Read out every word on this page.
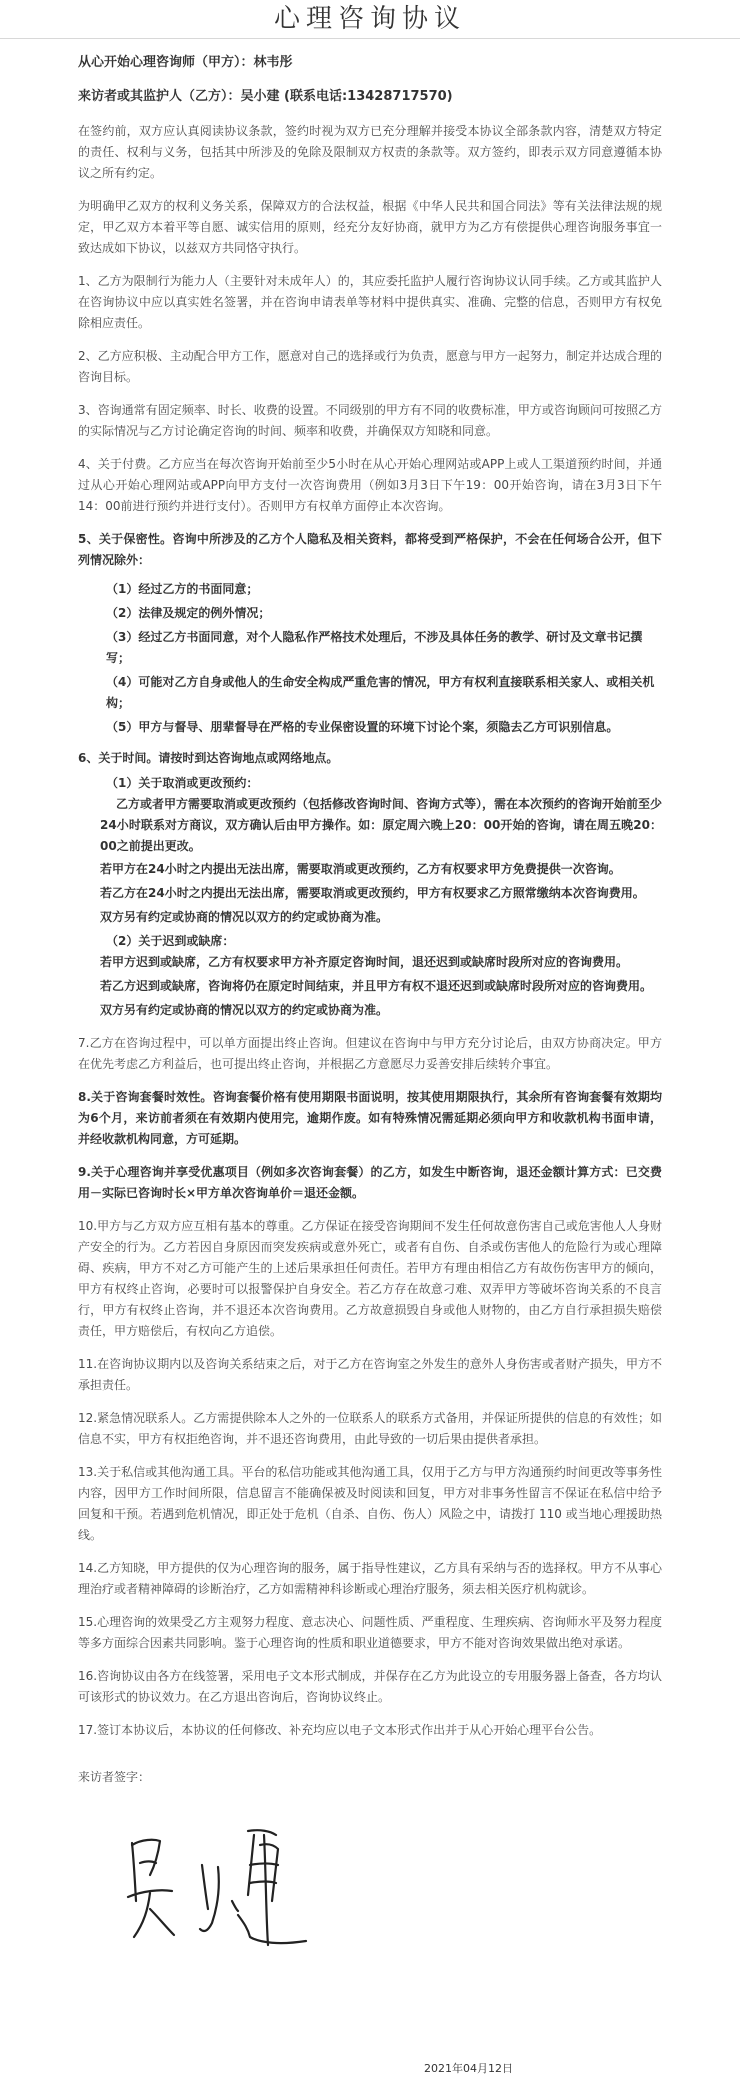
心理咨询协议
从心开始心理咨询师（甲方）：林韦彤
来访者或其监护人（乙方）：吴小建 (联系电话:13428717570)

在签约前，双方应认真阅读协议条款，签约时视为双方已充分理解并接受本协议全部条款内容，清楚双方特定的责任、权利与义务，包括其中所涉及的免除及限制双方权责的条款等。双方签约，即表示双方同意遵循本协议之所有约定。

为明确甲乙双方的权利义务关系，保障双方的合法权益，根据《中华人民共和国合同法》等有关法律法规的规定，甲乙双方本着平等自愿、诚实信用的原则，经充分友好协商，就甲方为乙方有偿提供心理咨询服务事宜一致达成如下协议，以兹双方共同恪守执行。

1、乙方为限制行为能力人（主要针对未成年人）的，其应委托监护人履行咨询协议认同手续。乙方或其监护人在咨询协议中应以真实姓名签署，并在咨询申请表单等材料中提供真实、准确、完整的信息，否则甲方有权免除相应责任。

2、乙方应积极、主动配合甲方工作，愿意对自己的选择或行为负责，愿意与甲方一起努力，制定并达成合理的咨询目标。

3、咨询通常有固定频率、时长、收费的设置。不同级别的甲方有不同的收费标准，甲方或咨询顾问可按照乙方的实际情况与乙方讨论确定咨询的时间、频率和收费，并确保双方知晓和同意。

4、关于付费。乙方应当在每次咨询开始前至少5小时在从心开始心理网站或APP上或人工渠道预约时间，并通过从心开始心理网站或APP向甲方支付一次咨询费用（例如3月3日下午19：00开始咨询，请在3月3日下午14：00前进行预约并进行支付）。否则甲方有权单方面停止本次咨询。

5、关于保密性。咨询中所涉及的乙方个人隐私及相关资料，都将受到严格保护，不会在任何场合公开，但下列情况除外：

（1）经过乙方的书面同意；
（2）法律及规定的例外情况；
（3）经过乙方书面同意，对个人隐私作严格技术处理后，不涉及具体任务的教学、研讨及文章书记撰写；
（4）可能对乙方自身或他人的生命安全构成严重危害的情况，甲方有权利直接联系相关家人、或相关机构；
（5）甲方与督导、朋辈督导在严格的专业保密设置的环境下讨论个案，须隐去乙方可识别信息。

6、关于时间。请按时到达咨询地点或网络地点。

（1）关于取消或更改预约：

乙方或者甲方需要取消或更改预约（包括修改咨询时间、咨询方式等），需在本次预约的咨询开始前至少24小时联系对方商议，双方确认后由甲方操作。如：原定周六晚上20：00开始的咨询，请在周五晚20：00之前提出更改。

若甲方在24小时之内提出无法出席，需要取消或更改预约，乙方有权要求甲方免费提供一次咨询。

若乙方在24小时之内提出无法出席，需要取消或更改预约，甲方有权要求乙方照常缴纳本次咨询费用。

双方另有约定或协商的情况以双方的约定或协商为准。

（2）关于迟到或缺席：

若甲方迟到或缺席，乙方有权要求甲方补齐原定咨询时间，退还迟到或缺席时段所对应的咨询费用。

若乙方迟到或缺席，咨询将仍在原定时间结束，并且甲方有权不退还迟到或缺席时段所对应的咨询费用。

双方另有约定或协商的情况以双方的约定或协商为准。

7.乙方在咨询过程中，可以单方面提出终止咨询。但建议在咨询中与甲方充分讨论后，由双方协商决定。甲方在优先考虑乙方利益后，也可提出终止咨询，并根据乙方意愿尽力妥善安排后续转介事宜。

8.关于咨询套餐时效性。咨询套餐价格有使用期限书面说明，按其使用期限执行，其余所有咨询套餐有效期均为6个月，来访前者须在有效期内使用完，逾期作废。如有特殊情况需延期必须向甲方和收款机构书面申请，并经收款机构同意，方可延期。

9.关于心理咨询并享受优惠项目（例如多次咨询套餐）的乙方，如发生中断咨询，退还金额计算方式：已交费用－实际已咨询时长×甲方单次咨询单价＝退还金额。

10.甲方与乙方双方应互相有基本的尊重。乙方保证在接受咨询期间不发生任何故意伤害自己或危害他人人身财产安全的行为。乙方若因自身原因而突发疾病或意外死亡，或者有自伤、自杀或伤害他人的危险行为或心理障碍、疾病，甲方不对乙方可能产生的上述后果承担任何责任。若甲方有理由相信乙方有故伤伤害甲方的倾向，甲方有权终止咨询，必要时可以报警保护自身安全。若乙方存在故意刁难、双弄甲方等破坏咨询关系的不良言行，甲方有权终止咨询，并不退还本次咨询费用。乙方故意损毁自身或他人财物的，由乙方自行承担损失赔偿责任，甲方赔偿后，有权向乙方追偿。

11.在咨询协议期内以及咨询关系结束之后，对于乙方在咨询室之外发生的意外人身伤害或者财产损失，甲方不承担责任。

12.紧急情况联系人。乙方需提供除本人之外的一位联系人的联系方式备用，并保证所提供的信息的有效性；如信息不实，甲方有权拒绝咨询，并不退还咨询费用，由此导致的一切后果由提供者承担。

13.关于私信或其他沟通工具。平台的私信功能或其他沟通工具，仅用于乙方与甲方沟通预约时间更改等事务性内容，因甲方工作时间所限，信息留言不能确保被及时阅读和回复，甲方对非事务性留言不保证在私信中给予回复和干预。若遇到危机情况，即正处于危机（自杀、自伤、伤人）风险之中，请拨打 110 或当地心理援助热线。

14.乙方知晓，甲方提供的仅为心理咨询的服务，属于指导性建议，乙方具有采纳与否的选择权。甲方不从事心理治疗或者精神障碍的诊断治疗，乙方如需精神科诊断或心理治疗服务，须去相关医疗机构就诊。

15.心理咨询的效果受乙方主观努力程度、意志决心、问题性质、严重程度、生理疾病、咨询师水平及努力程度等多方面综合因素共同影响。鉴于心理咨询的性质和职业道德要求，甲方不能对咨询效果做出绝对承诺。

16.咨询协议由各方在线签署，采用电子文本形式制成，并保存在乙方为此设立的专用服务器上备查，各方均认可该形式的协议效力。在乙方退出咨询后，咨询协议终止。

17.签订本协议后，本协议的任何修改、补充均应以电子文本形式作出并于从心开始心理平台公告。

来访者签字：

2021年04月12日
